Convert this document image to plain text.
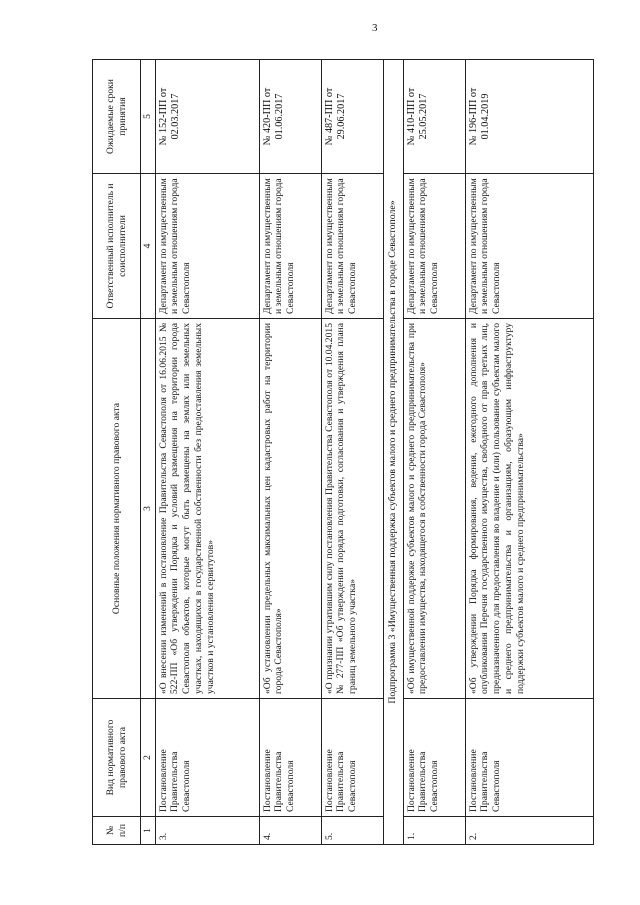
3
№ п/п	Вид нормативного правового акта	Основные положения нормативного правового акта	Ответственный исполнитель и соисполнители	Ожидаемые сроки принятия
1	2	3	4	5
3.	Постановление Правительства Севастополя	«О внесении изменений в постановление Правительства Севастополя от 16.06.2015 № 522-ПП «Об утверждении Порядка и условий размещения на территории города Севастополя объектов, которые могут быть размещены на землях или земельных участках, находящихся в государственной собственности без предоставления земельных участков и установления сервитутов»	Департамент по имущественным и земельным отношениям города Севастополя	№ 152-ПП от 02.03.2017
4.	Постановление Правительства Севастополя	«Об установлении предельных максимальных цен кадастровых работ на территории города Севастополя»	Департамент по имущественным и земельным отношениям города Севастополя	№ 420-ПП от 01.06.2017
5.	Постановление Правительства Севастополя	«О признании утратившим силу постановления Правительства Севастополя от 10.04.2015 № 277-ПП «Об утверждении порядка подготовки, согласования и утверждения плана границ земельного участка»	Департамент по имущественным и земельным отношениям города Севастополя	№ 487-ПП от 29.06.2017
Подпрограмма 3 «Имущественная поддержка субъектов малого и среднего предпринимательства в городе Севастополе»				
1.	Постановление Правительства Севастополя	«Об имущественной поддержке субъектов малого и среднего предпринимательства при предоставлении имущества, находящегося в собственности города Севастополя»	Департамент по имущественным и земельным отношениям города Севастополя	№ 410-ПП от 25.05.2017
2.	Постановление Правительства Севастополя	«Об утверждении Порядка формирования, ведения, ежегодного дополнения и опубликования Перечня государственного имущества, свободного от прав третьих лиц, предназначенного для предоставления во владение и (или) пользование субъектам малого и среднего предпринимательства и организациям, образующим инфраструктуру поддержки субъектов малого и среднего предпринимательства»	Департамент по имущественным и земельным отношениям города Севастополя	№ 196-ПП от 01.04.2019
